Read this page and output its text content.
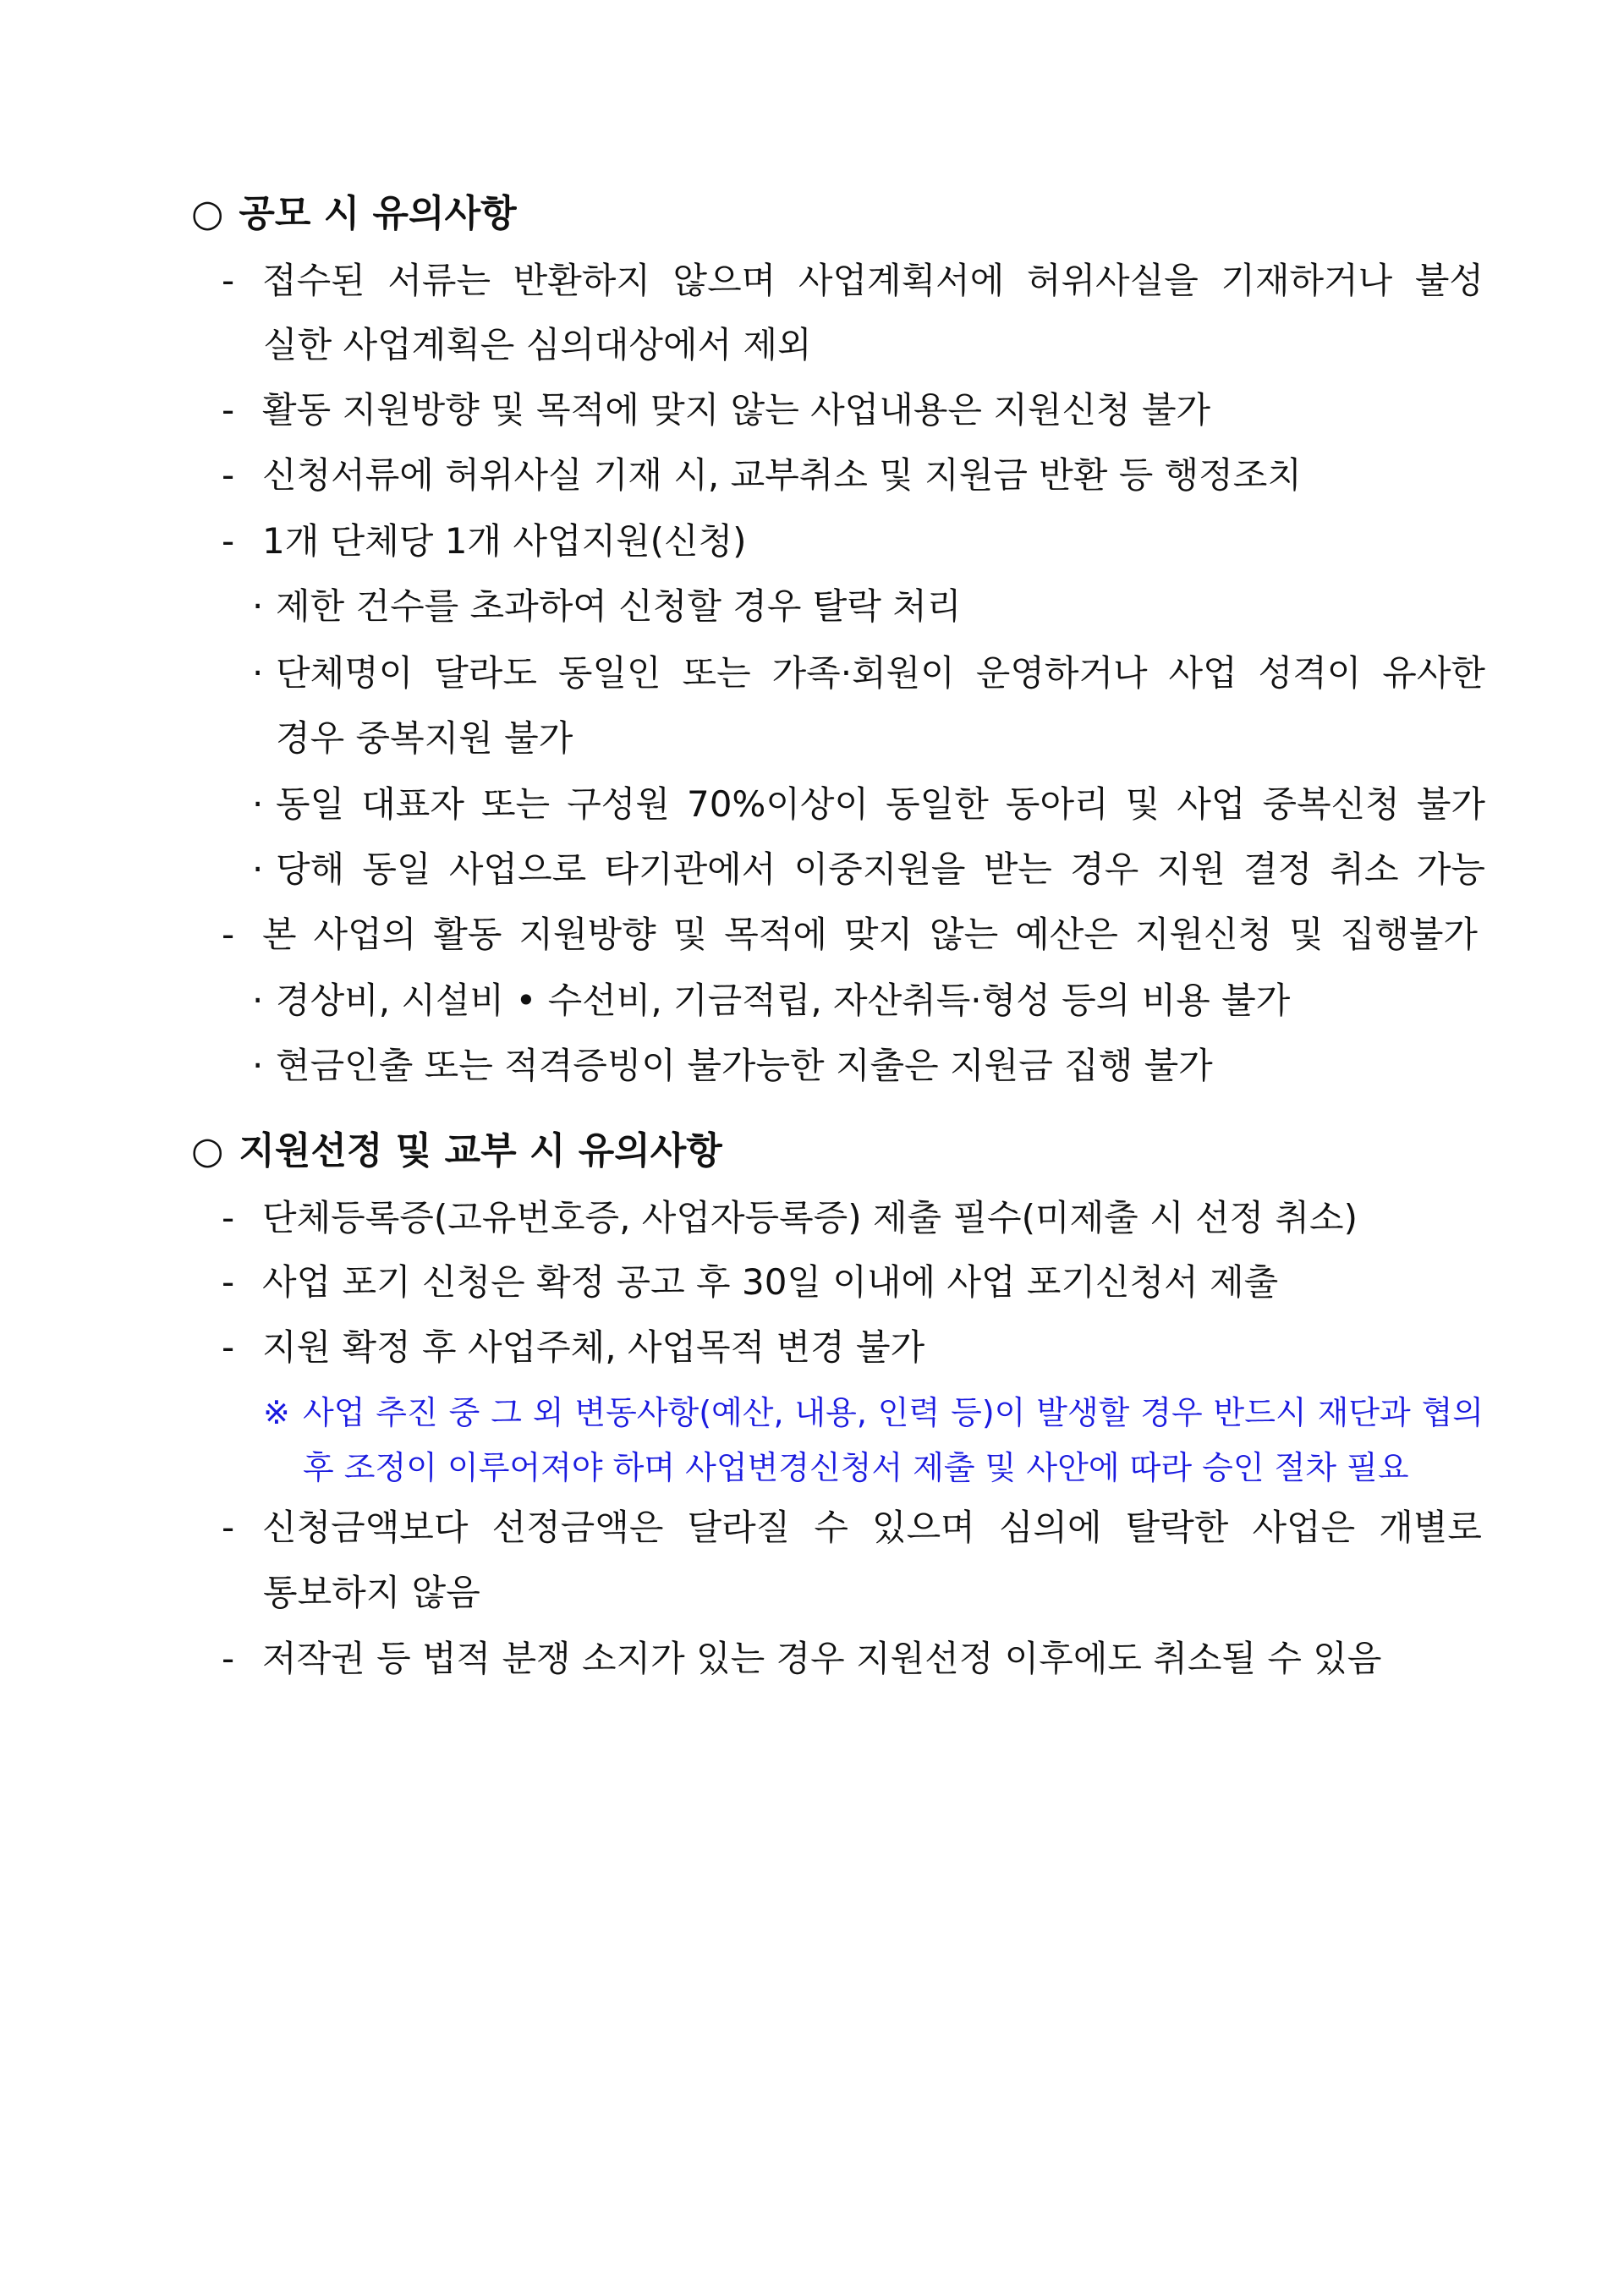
○ 공모 시 유의사항
- 접수된 서류는 반환하지 않으며 사업계획서에 허위사실을 기재하거나 불성
실한 사업계획은 심의대상에서 제외
- 활동 지원방향 및 목적에 맞지 않는 사업내용은 지원신청 불가
- 신청서류에 허위사실 기재 시, 교부취소 및 지원금 반환 등 행정조치
- 1개 단체당 1개 사업지원(신청)
· 제한 건수를 초과하여 신청할 경우 탈락 처리
· 단체명이 달라도 동일인 또는 가족·회원이 운영하거나 사업 성격이 유사한
경우 중복지원 불가
· 동일 대표자 또는 구성원 70%이상이 동일한 동아리 및 사업 중복신청 불가
· 당해 동일 사업으로 타기관에서 이중지원을 받는 경우 지원 결정 취소 가능
- 본 사업의 활동 지원방향 및 목적에 맞지 않는 예산은 지원신청 및 집행불가
· 경상비, 시설비 • 수선비, 기금적립, 자산취득·형성 등의 비용 불가
· 현금인출 또는 적격증빙이 불가능한 지출은 지원금 집행 불가
○ 지원선정 및 교부 시 유의사항
- 단체등록증(고유번호증, 사업자등록증) 제출 필수(미제출 시 선정 취소)
- 사업 포기 신청은 확정 공고 후 30일 이내에 사업 포기신청서 제출
- 지원 확정 후 사업주체, 사업목적 변경 불가
※ 사업 추진 중 그 외 변동사항(예산, 내용, 인력 등)이 발생할 경우 반드시 재단과 협의
후 조정이 이루어져야 하며 사업변경신청서 제출 및 사안에 따라 승인 절차 필요
- 신청금액보다 선정금액은 달라질 수 있으며 심의에 탈락한 사업은 개별로
통보하지 않음
- 저작권 등 법적 분쟁 소지가 있는 경우 지원선정 이후에도 취소될 수 있음
